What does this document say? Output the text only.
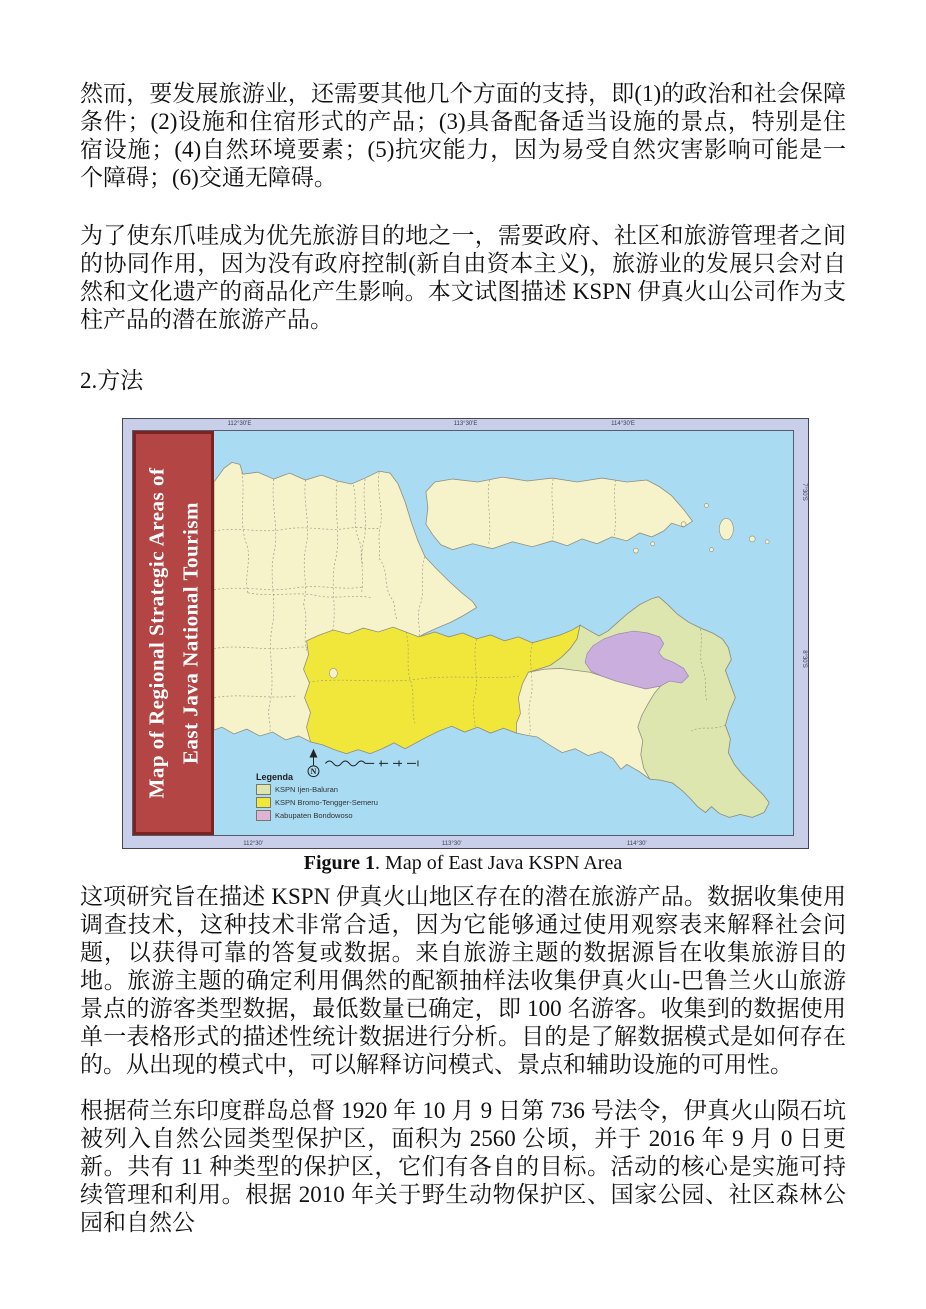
然而，要发展旅游业，还需要其他几个方面的支持，即(1)的政治和社会保障条件；(2)设施和住宿形式的产品；(3)具备配备适当设施的景点，特别是住宿设施；(4)自然环境要素；(5)抗灾能力，因为易受自然灾害影响可能是一个障碍；(6)交通无障碍。
为了使东爪哇成为优先旅游目的地之一，需要政府、社区和旅游管理者之间的协同作用，因为没有政府控制(新自由资本主义)，旅游业的发展只会对自然和文化遗产的商品化产生影响。本文试图描述 KSPN 伊真火山公司作为支柱产品的潜在旅游产品。
2.方法
112°30'E	113°30'E	114°30'E
112°30'	113°30'	114°30'
7°30'S
8°30'S
Map of Regional Strategic Areas of East Java National Tourism
N
Legenda
KSPN Ijen-Baluran
KSPN Bromo-Tengger-Semeru
Kabupaten Bondowoso
Figure 1. Map of East Java KSPN Area
这项研究旨在描述 KSPN 伊真火山地区存在的潜在旅游产品。数据收集使用调查技术，这种技术非常合适，因为它能够通过使用观察表来解释社会问题，以获得可靠的答复或数据。来自旅游主题的数据源旨在收集旅游目的地。旅游主题的确定利用偶然的配额抽样法收集伊真火山-巴鲁兰火山旅游景点的游客类型数据，最低数量已确定，即 100 名游客。收集到的数据使用单一表格形式的描述性统计数据进行分析。目的是了解数据模式是如何存在的。从出现的模式中，可以解释访问模式、景点和辅助设施的可用性。
根据荷兰东印度群岛总督 1920 年 10 月 9 日第 736 号法令，伊真火山陨石坑被列入自然公园类型保护区，面积为 2560 公顷，并于 2016 年 9 月 0 日更新。共有 11 种类型的保护区，它们有各自的目标。活动的核心是实施可持续管理和利用。根据 2010 年关于野生动物保护区、国家公园、社区森林公园和自然公
